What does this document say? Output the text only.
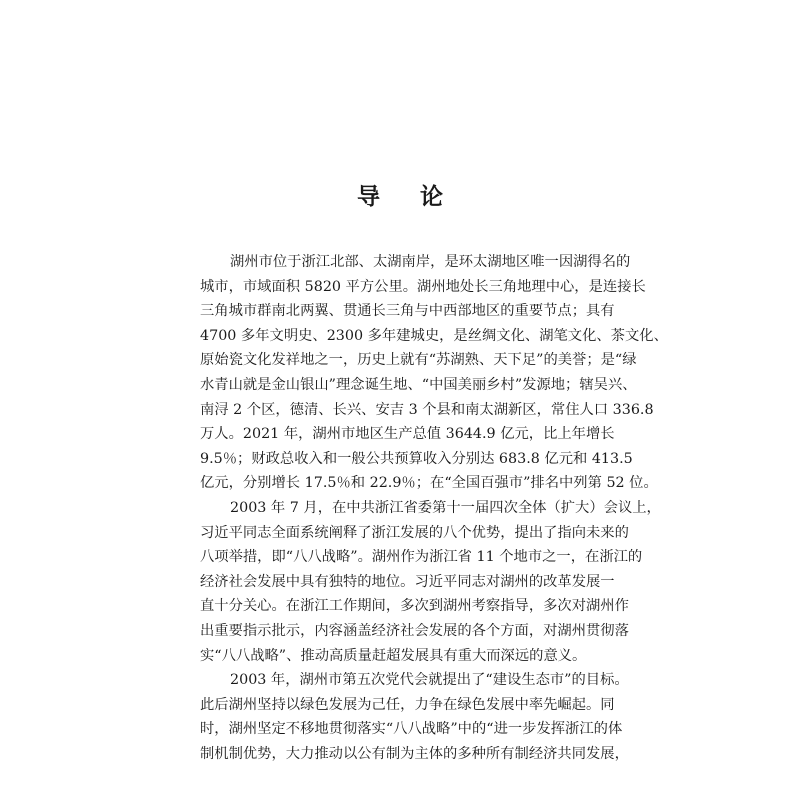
导 论
湖州市位于浙江北部、太湖南岸，是环太湖地区唯一因湖得名的
城市，市域面积 5820 平方公里。湖州地处长三角地理中心，是连接长
三角城市群南北两翼、贯通长三角与中西部地区的重要节点；具有
4700 多年文明史、2300 多年建城史，是丝绸文化、湖笔文化、茶文化、
原始瓷文化发祥地之一，历史上就有“苏湖熟、天下足”的美誉；是“绿
水青山就是金山银山”理念诞生地、“中国美丽乡村”发源地；辖吴兴、
南浔 2 个区，德清、长兴、安吉 3 个县和南太湖新区，常住人口 336.8
万人。2021 年，湖州市地区生产总值 3644.9 亿元，比上年增长
9.5％；财政总收入和一般公共预算收入分别达 683.8 亿元和 413.5
亿元，分别增长 17.5％和 22.9％；在“全国百强市”排名中列第 52 位。
2003 年 7 月，在中共浙江省委第十一届四次全体（扩大）会议上，
习近平同志全面系统阐释了浙江发展的八个优势，提出了指向未来的
八项举措，即“八八战略”。湖州作为浙江省 11 个地市之一，在浙江的
经济社会发展中具有独特的地位。习近平同志对湖州的改革发展一
直十分关心。在浙江工作期间，多次到湖州考察指导，多次对湖州作
出重要指示批示，内容涵盖经济社会发展的各个方面，对湖州贯彻落
实“八八战略”、推动高质量赶超发展具有重大而深远的意义。
2003 年，湖州市第五次党代会就提出了“建设生态市”的目标。
此后湖州坚持以绿色发展为己任，力争在绿色发展中率先崛起。同
时，湖州坚定不移地贯彻落实“八八战略”中的“进一步发挥浙江的体
制机制优势，大力推动以公有制为主体的多种所有制经济共同发展，
